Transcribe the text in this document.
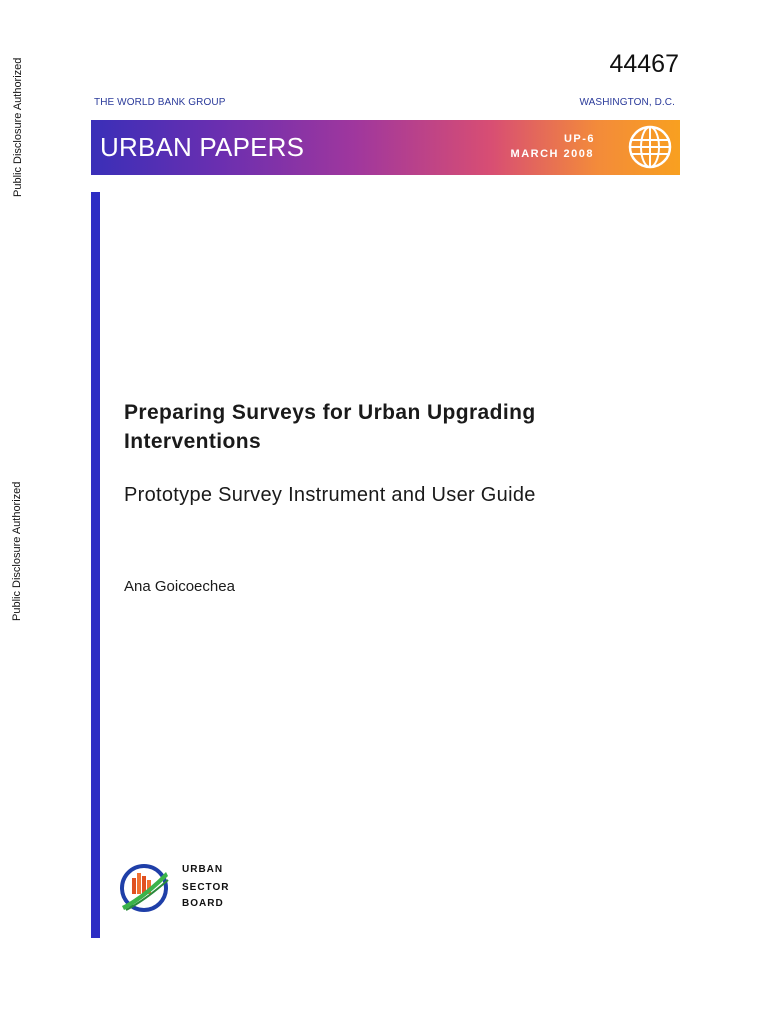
Public Disclosure Authorized
Public Disclosure Authorized
44467
THE WORLD BANK GROUP	WASHINGTON, D.C.
URBAN PAPERS	UP-6
MARCH 2008
Preparing Surveys for Urban Upgrading Interventions
Prototype Survey Instrument and User Guide
Ana Goicoechea
URBAN
SECTOR
BOARD
